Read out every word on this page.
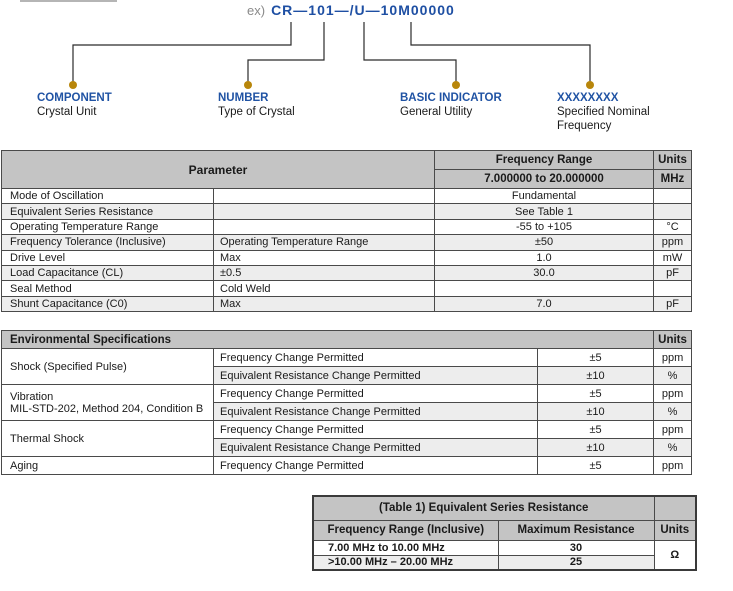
ex) CR—101—/U—10M00000
COMPONENT
Crystal Unit
NUMBER
Type of Crystal
BASIC INDICATOR
General Utility
XXXXXXXX
Specified Nominal Frequency
Parameter		Frequency Range	Units
		7.000000 to 20.000000	MHz
Mode of Oscillation		Fundamental	
Equivalent Series Resistance		See Table 1	
Operating Temperature Range		-55 to +105	°C
Frequency Tolerance (Inclusive)	Operating Temperature Range	±50	ppm
Drive Level	Max	1.0	mW
Load Capacitance (CL)	±0.5	30.0	pF
Seal Method	Cold Weld		
Shunt Capacitance (C0)	Max	7.0	pF
Environmental Specifications			Units

Shock (Specified Pulse)	Frequency Change Permitted	±5	ppm
	Equivalent Resistance Change Permitted	±10	%

Vibration
MIL-STD-202, Method 204, Condition B	Frequency Change Permitted	±5	ppm
	Equivalent Resistance Change Permitted	±10	%

Thermal Shock	Frequency Change Permitted	±5	ppm
	Equivalent Resistance Change Permitted	±10	%

Aging	Frequency Change Permitted	±5	ppm
(Table 1) Equivalent Series Resistance		
Frequency Range (Inclusive)	Maximum Resistance	Units
7.00 MHz to 10.00 MHz	30	Ω
>10.00 MHz – 20.00 MHz	25	
